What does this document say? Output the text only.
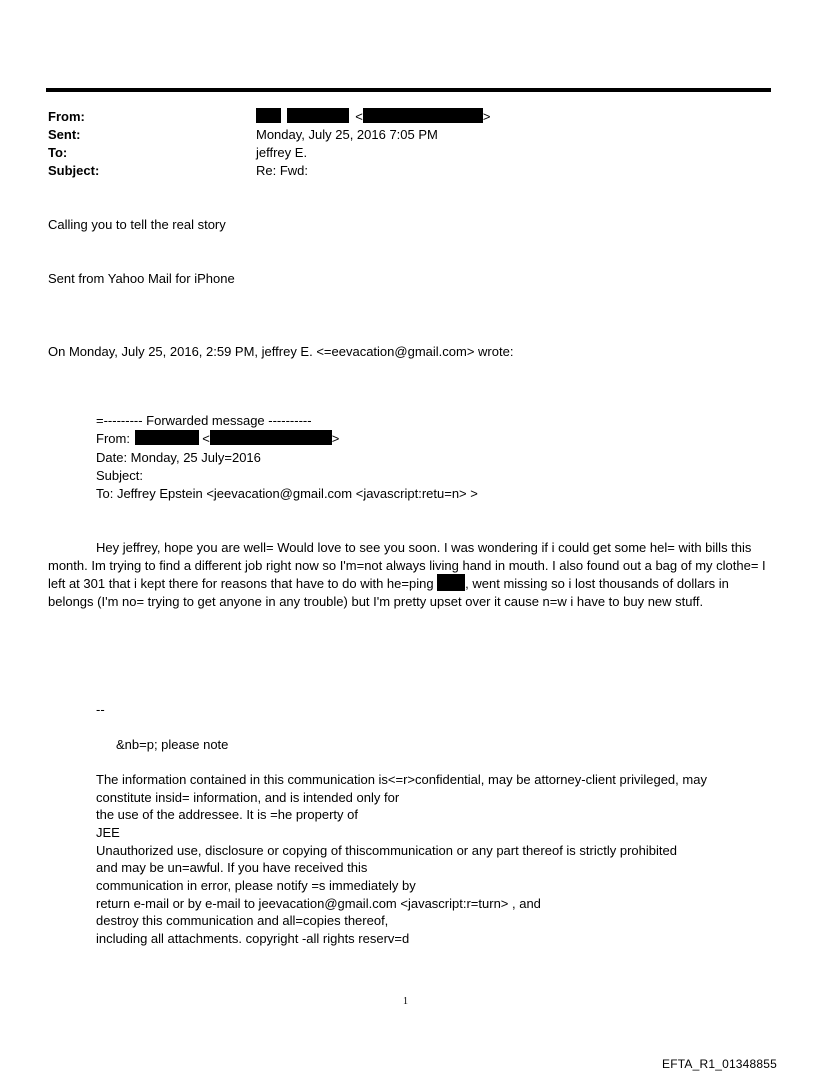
From:	<	>
Sent:	Monday, July 25, 2016 7:05 PM
To:	jeffrey E.
Subject:	Re: Fwd:
Calling you to tell the real story
Sent from Yahoo Mail for iPhone
On Monday, July 25, 2016, 2:59 PM, jeffrey E. <=eevacation@gmail.com> wrote:
=--------- Forwarded message ----------
From:	<	>
Date: Monday, 25 July=2016
Subject:
To: Jeffrey Epstein <jeevacation@gmail.com <javascript:retu=n> >
Hey jeffrey, hope you are well= Would love to see you soon. I was wondering if i could get some hel= with bills this month. Im trying to find a different job right now so I'm=not always living hand in mouth. I also found out a bag of my clothe= I left at 301 that i kept there for reasons that have to do with he=ping , went missing so i lost thousands of dollars in belongs (I'm no= trying to get anyone in any trouble) but I'm pretty upset over it cause n=w i have to buy new stuff.
--
&nb=p; please note
The information contained in this communication is<=r>confidential, may be attorney-client privileged, may
constitute insid= information, and is intended only for
the use of the addressee. It is =he property of
JEE
Unauthorized use, disclosure or copying of thiscommunication or any part thereof is strictly prohibited
and may be un=awful. If you have received this
communication in error, please notify =s immediately by
return e-mail or by e-mail to jeevacation@gmail.com <javascript:r=turn> , and
destroy this communication and all=copies thereof,
including all attachments. copyright -all rights reserv=d
1
EFTA_R1_01348855
